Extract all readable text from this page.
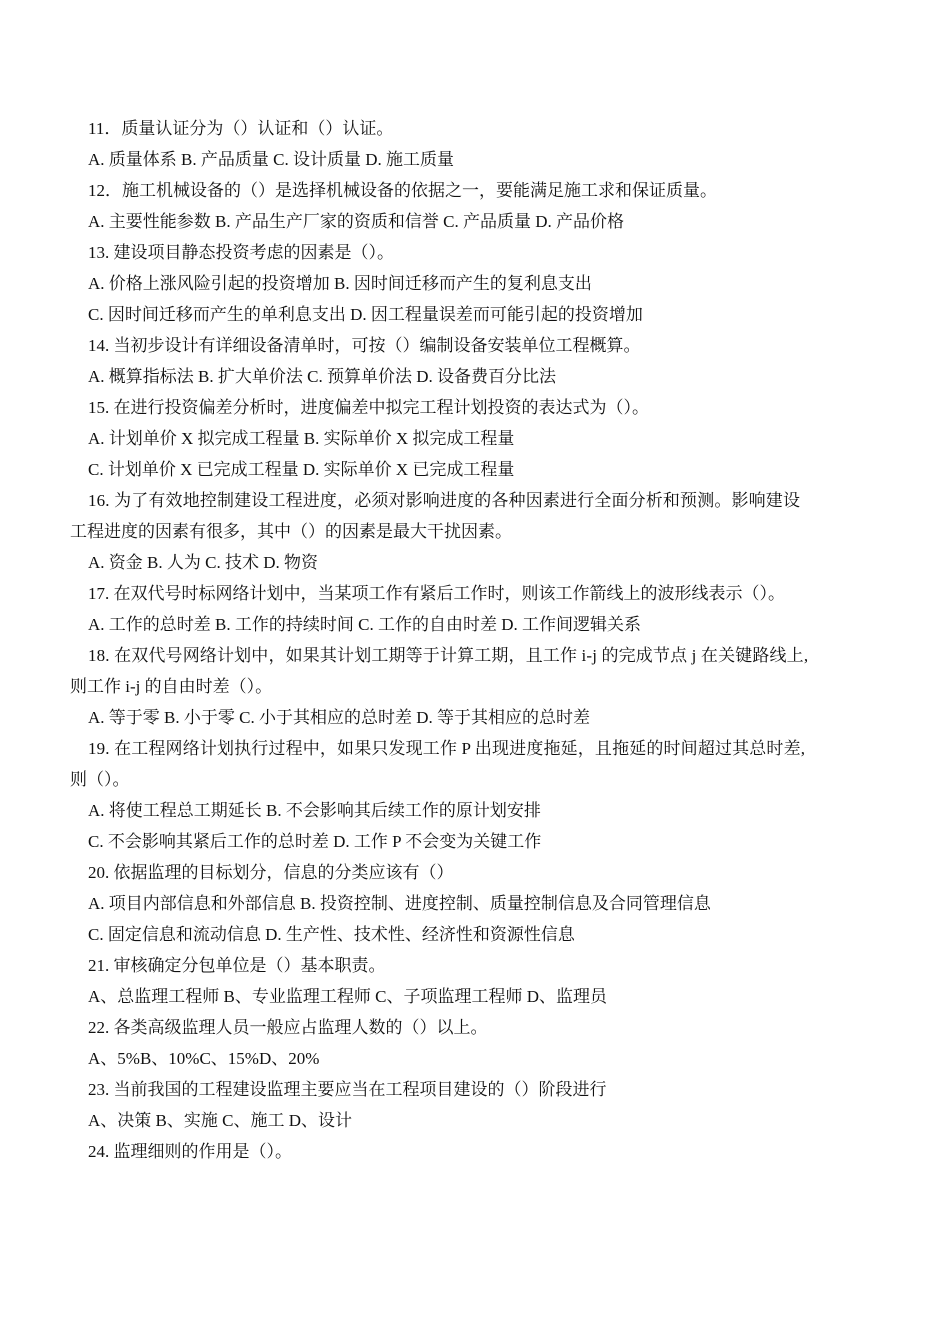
11．质量认证分为（）认证和（）认证。
A. 质量体系 B. 产品质量 C. 设计质量 D. 施工质量
12．施工机械设备的（）是选择机械设备的依据之一，要能满足施工求和保证质量。
A. 主要性能参数 B. 产品生产厂家的资质和信誉 C. 产品质量 D. 产品价格
13. 建设项目静态投资考虑的因素是（）。
A. 价格上涨风险引起的投资增加 B. 因时间迁移而产生的复利息支出
C. 因时间迁移而产生的单利息支出 D. 因工程量误差而可能引起的投资增加
14. 当初步设计有详细设备清单时，可按（）编制设备安装单位工程概算。
A. 概算指标法 B. 扩大单价法 C. 预算单价法 D. 设备费百分比法
15. 在进行投资偏差分析时，进度偏差中拟完工程计划投资的表达式为（）。
A. 计划单价 X 拟完成工程量 B. 实际单价 X 拟完成工程量
C. 计划单价 X 已完成工程量 D. 实际单价 X 已完成工程量
16. 为了有效地控制建设工程进度，必须对影响进度的各种因素进行全面分析和预测。影响建设
工程进度的因素有很多，其中（）的因素是最大干扰因素。
A. 资金 B. 人为 C. 技术 D. 物资
17. 在双代号时标网络计划中，当某项工作有紧后工作时，则该工作箭线上的波形线表示（）。
A. 工作的总时差 B. 工作的持续时间 C. 工作的自由时差 D. 工作间逻辑关系
18. 在双代号网络计划中，如果其计划工期等于计算工期，且工作 i-j 的完成节点 j 在关键路线上,
则工作 i-j 的自由时差（）。
A. 等于零 B. 小于零 C. 小于其相应的总时差 D. 等于其相应的总时差
19. 在工程网络计划执行过程中，如果只发现工作 P 出现进度拖延，且拖延的时间超过其总时差,
则（）。
A. 将使工程总工期延长 B. 不会影响其后续工作的原计划安排
C. 不会影响其紧后工作的总时差 D. 工作 P 不会变为关键工作
20. 依据监理的目标划分，信息的分类应该有（）
A. 项目内部信息和外部信息 B. 投资控制、进度控制、质量控制信息及合同管理信息
C. 固定信息和流动信息 D. 生产性、技术性、经济性和资源性信息
21. 审核确定分包单位是（）基本职责。
A、总监理工程师 B、专业监理工程师 C、子项监理工程师 D、监理员
22. 各类高级监理人员一般应占监理人数的（）以上。
A、5%B、10%C、15%D、20%
23. 当前我国的工程建设监理主要应当在工程项目建设的（）阶段进行
A、决策 B、实施 C、施工 D、设计
24. 监理细则的作用是（）。
